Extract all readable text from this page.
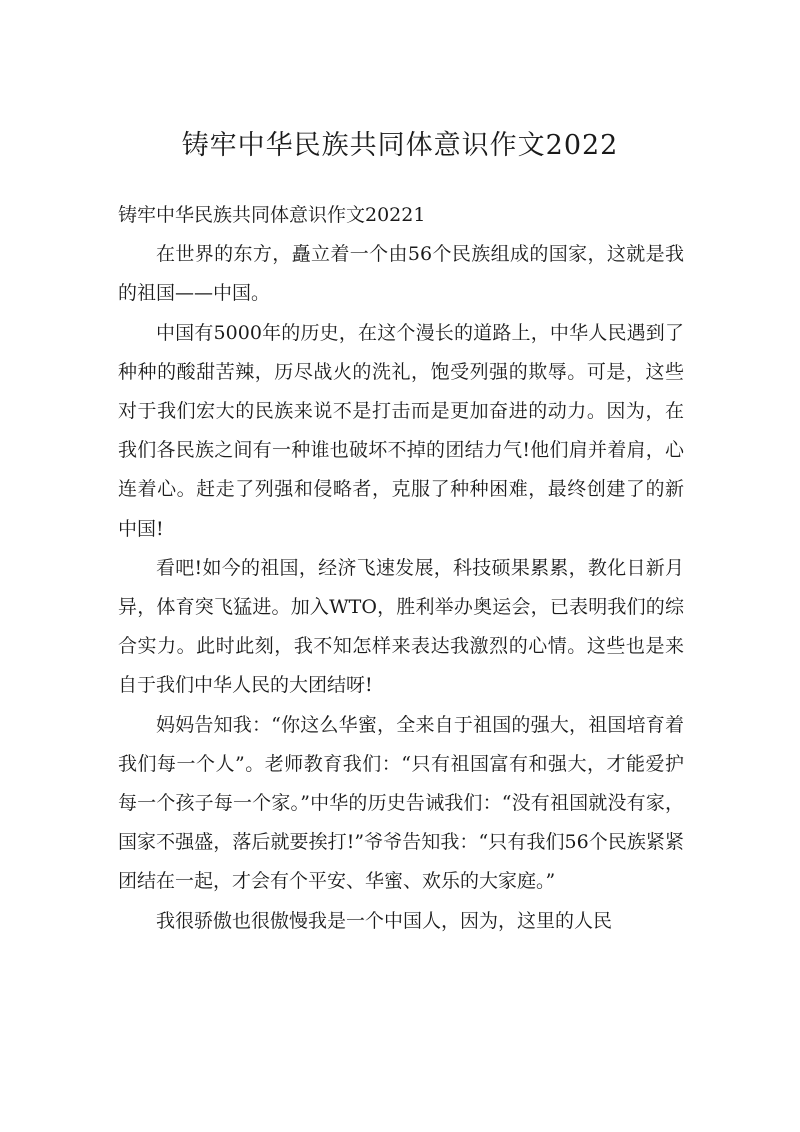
铸牢中华民族共同体意识作文2022

铸牢中华民族共同体意识作文20221

在世界的东方，矗立着一个由56个民族组成的国家，这就是我的祖国——中国。

中国有5000年的历史，在这个漫长的道路上，中华人民遇到了种种的酸甜苦辣，历尽战火的洗礼，饱受列强的欺辱。可是，这些对于我们宏大的民族来说不是打击而是更加奋进的动力。因为，在我们各民族之间有一种谁也破坏不掉的团结力气!他们肩并着肩，心连着心。赶走了列强和侵略者，克服了种种困难，最终创建了的新中国!

看吧!如今的祖国，经济飞速发展，科技硕果累累，教化日新月异，体育突飞猛进。加入WTO，胜利举办奥运会，已表明我们的综合实力。此时此刻，我不知怎样来表达我激烈的心情。这些也是来自于我们中华人民的大团结呀!

妈妈告知我：“你这么华蜜，全来自于祖国的强大，祖国培育着我们每一个人”。老师教育我们：“只有祖国富有和强大，才能爱护每一个孩子每一个家。”中华的历史告诫我们：“没有祖国就没有家，国家不强盛，落后就要挨打!”爷爷告知我：“只有我们56个民族紧紧团结在一起，才会有个平安、华蜜、欢乐的大家庭。”

我很骄傲也很傲慢我是一个中国人，因为，这里的人民
